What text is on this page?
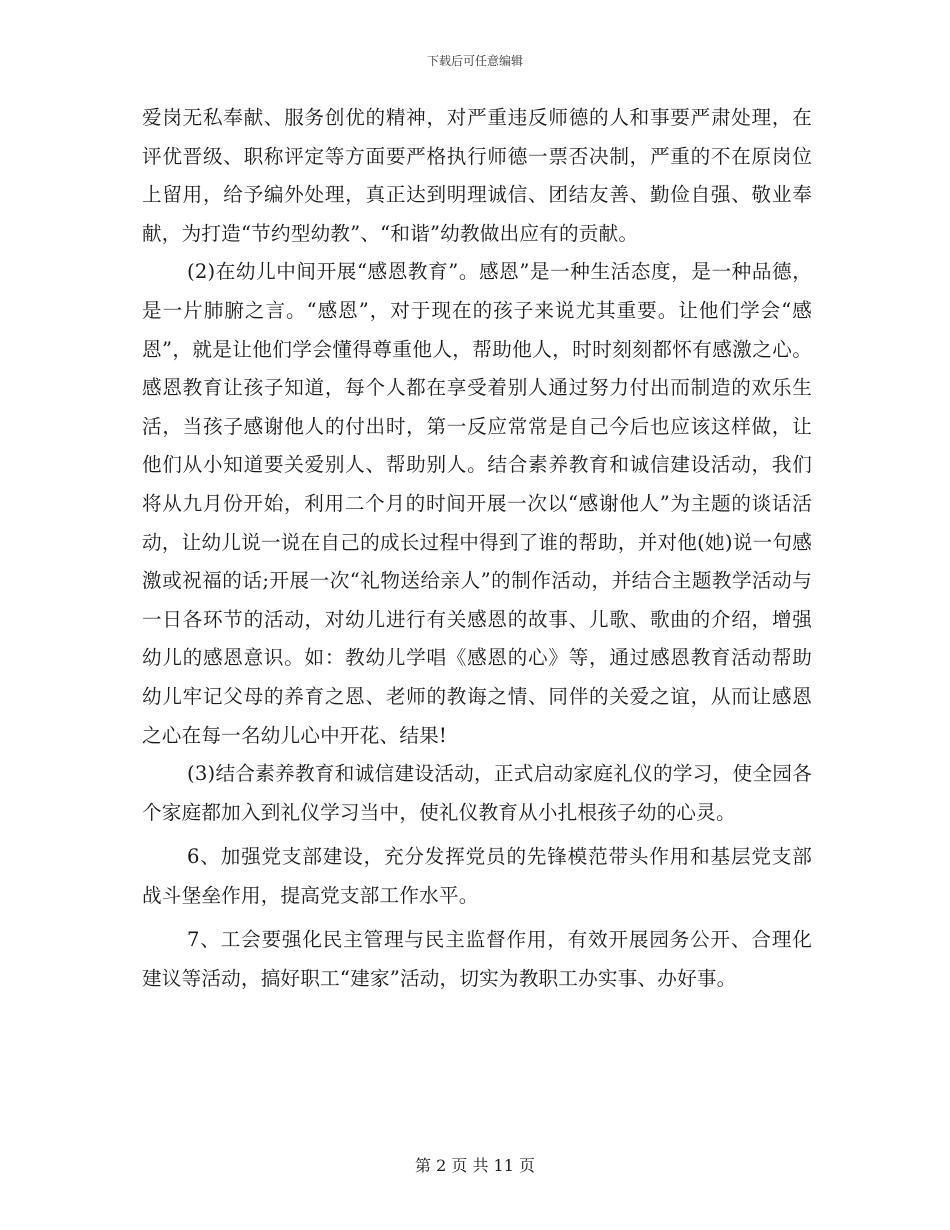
下载后可任意编辑

爱岗无私奉献、服务创优的精神，对严重违反师德的人和事要严肃处理，在评优晋级、职称评定等方面要严格执行师德一票否决制，严重的不在原岗位上留用，给予编外处理，真正达到明理诚信、团结友善、勤俭自强、敬业奉献，为打造“节约型幼教”、“和谐”幼教做出应有的贡献。

(2)在幼儿中间开展“感恩教育”。感恩”是一种生活态度，是一种品德，是一片肺腑之言。“感恩”，对于现在的孩子来说尤其重要。让他们学会“感恩”，就是让他们学会懂得尊重他人，帮助他人，时时刻刻都怀有感激之心。感恩教育让孩子知道，每个人都在享受着别人通过努力付出而制造的欢乐生活，当孩子感谢他人的付出时，第一反应常常是自己今后也应该这样做，让他们从小知道要关爱别人、帮助别人。结合素养教育和诚信建设活动，我们将从九月份开始，利用二个月的时间开展一次以“感谢他人”为主题的谈话活动，让幼儿说一说在自己的成长过程中得到了谁的帮助，并对他(她)说一句感激或祝福的话;开展一次“礼物送给亲人”的制作活动，并结合主题教学活动与一日各环节的活动，对幼儿进行有关感恩的故事、儿歌、歌曲的介绍，增强幼儿的感恩意识。如：教幼儿学唱《感恩的心》等，通过感恩教育活动帮助幼儿牢记父母的养育之恩、老师的教诲之情、同伴的关爱之谊，从而让感恩之心在每一名幼儿心中开花、结果!

(3)结合素养教育和诚信建设活动，正式启动家庭礼仪的学习，使全园各个家庭都加入到礼仪学习当中，使礼仪教育从小扎根孩子幼的心灵。

6、加强党支部建设，充分发挥党员的先锋模范带头作用和基层党支部战斗堡垒作用，提高党支部工作水平。

7、工会要强化民主管理与民主监督作用，有效开展园务公开、合理化建议等活动，搞好职工“建家”活动，切实为教职工办实事、办好事。

第 2 页 共 11 页
